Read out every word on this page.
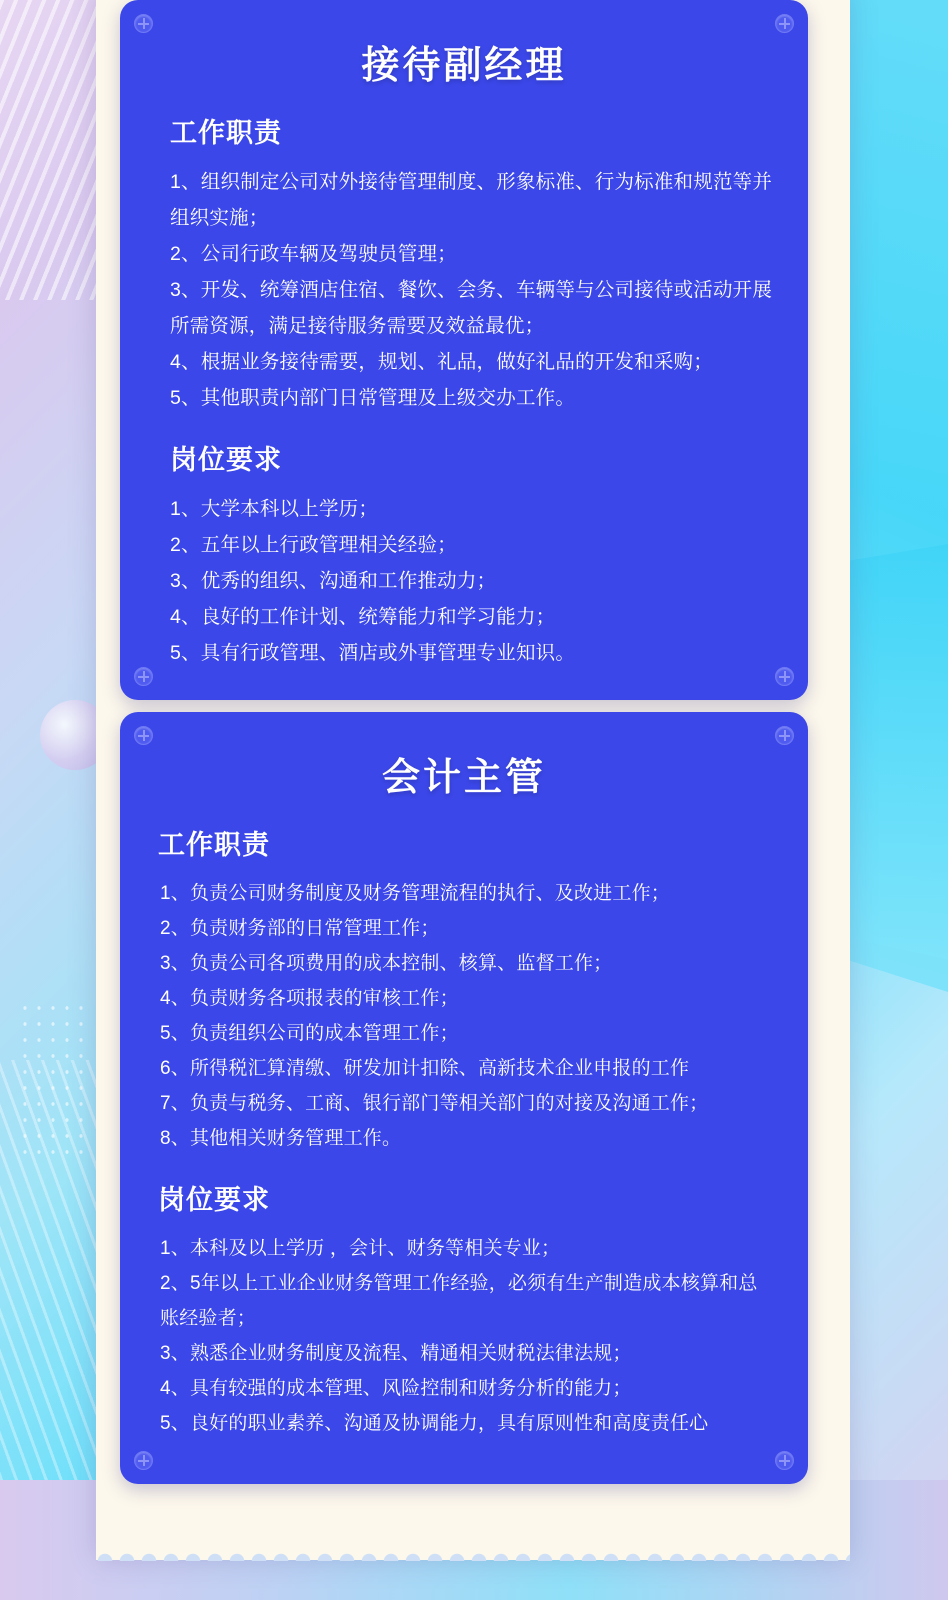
接待副经理
工作职责
1、组织制定公司对外接待管理制度、形象标准、行为标准和规范等并组织实施；
2、公司行政车辆及驾驶员管理；
3、开发、统筹酒店住宿、餐饮、会务、车辆等与公司接待或活动开展所需资源，满足接待服务需要及效益最优；
4、根据业务接待需要，规划、礼品，做好礼品的开发和采购；
5、其他职责内部门日常管理及上级交办工作。
岗位要求
1、大学本科以上学历；
2、五年以上行政管理相关经验；
3、优秀的组织、沟通和工作推动力；
4、良好的工作计划、统筹能力和学习能力；
5、具有行政管理、酒店或外事管理专业知识。
会计主管
工作职责
1、负责公司财务制度及财务管理流程的执行、及改进工作；
2、负责财务部的日常管理工作；
3、负责公司各项费用的成本控制、核算、监督工作；
4、负责财务各项报表的审核工作；
5、负责组织公司的成本管理工作；
6、所得税汇算清缴、研发加计扣除、高新技术企业申报的工作
7、负责与税务、工商、银行部门等相关部门的对接及沟通工作；
8、其他相关财务管理工作。
岗位要求
1、本科及以上学历 ，会计、财务等相关专业；
2、5年以上工业企业财务管理工作经验，必须有生产制造成本核算和总账经验者；
3、熟悉企业财务制度及流程、精通相关财税法律法规；
4、具有较强的成本管理、风险控制和财务分析的能力；
5、良好的职业素养、沟通及协调能力，具有原则性和高度责任心
